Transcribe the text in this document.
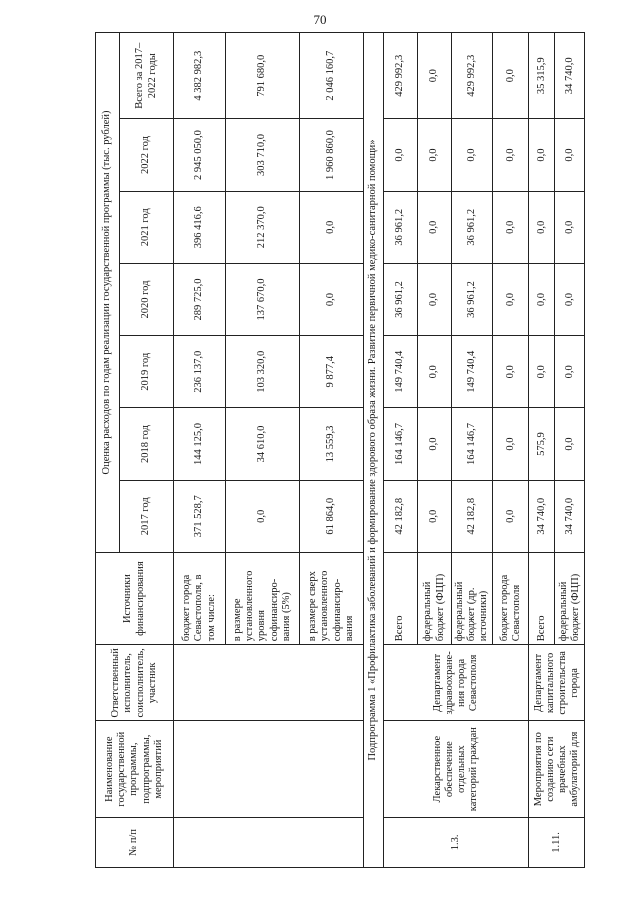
70
№ п/п	Наименование государственной программы, подпрограммы, мероприятий	Ответственный исполнитель, соисполнитель, участник	Источники финансирования	Оценка расходов по годам реализации государственной программы (тыс. рублей)						
				2017 год	2018 год	2019 год	2020 год	2021 год	2022 год	Всего за 2017–2022 годы
			бюджет города Севастополя, в том числе:	371 528,7	144 125,0	236 137,0	289 725,0	396 416,6	2 945 050,0	4 382 982,3
			в размере установленного уровня софинансиро-вания (5%)	0,0	34 610,0	103 320,0	137 670,0	212 370,0	303 710,0	791 680,0
			в размере сверх установленного софинансиро-вания	61 864,0	13 559,3	9 877,4	0,0	0,0	1 960 860,0	2 046 160,7
Подпрограмма 1 «Профилактика заболеваний и формирование здорового образа жизни. Развитие первичной медико-санитарной помощи»										
1.3.	Лекарственное обеспечение отдельных категорий граждан	Департамент здравоохране-ния города Севастополя	Всего	42 182,8	164 146,7	149 740,4	36 961,2	36 961,2	0,0	429 992,3
			федеральный бюджет (ФЦП)	0,0	0,0	0,0	0,0	0,0	0,0	0,0
			федеральный бюджет (др. источники)	42 182,8	164 146,7	149 740,4	36 961,2	36 961,2	0,0	429 992,3
			бюджет города Севастополя	0,0	0,0	0,0	0,0	0,0	0,0	0,0
1.11.	Мероприятия по созданию сети врачебных амбулаторий для	Департамент капитального строительства города	Всего	34 740,0	575,9	0,0	0,0	0,0	0,0	35 315,9
			федеральный бюджет (ФЦП)	34 740,0	0,0	0,0	0,0	0,0	0,0	34 740,0
